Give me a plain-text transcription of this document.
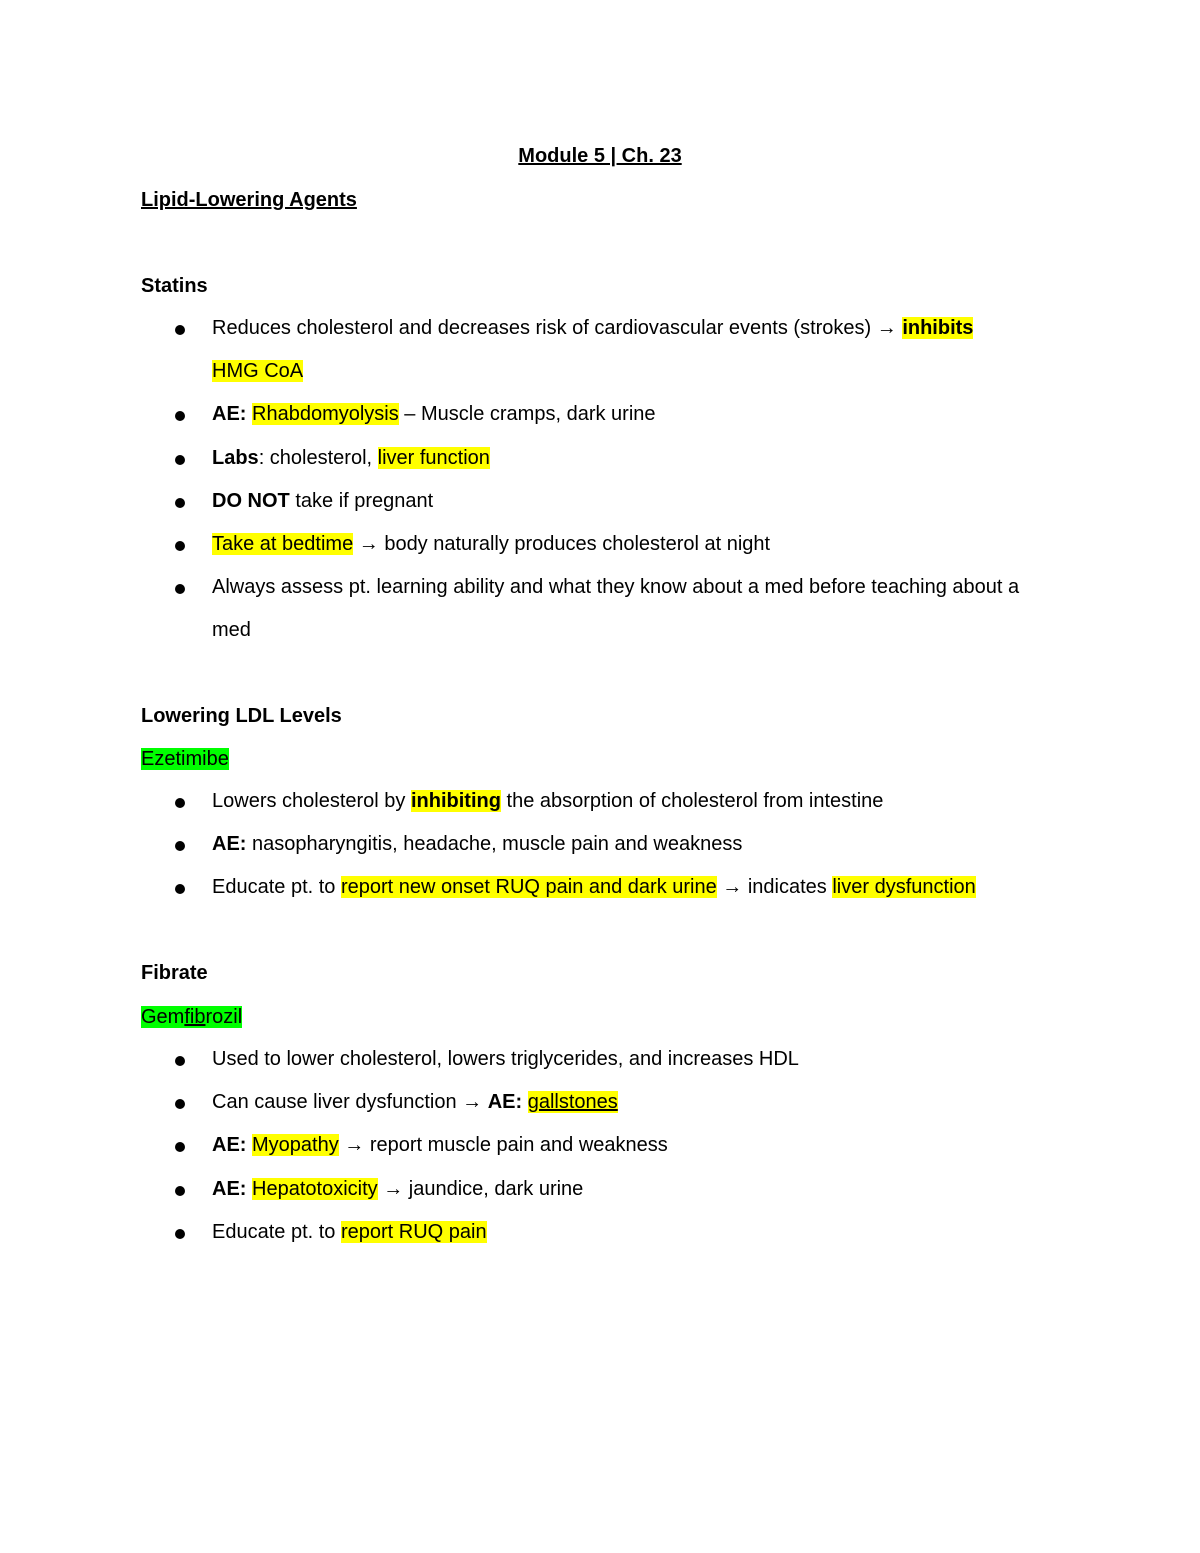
Module 5 | Ch. 23
Lipid-Lowering Agents
Statins
Reduces cholesterol and decreases risk of cardiovascular events (strokes) → inhibits
HMG CoA
AE: Rhabdomyolysis – Muscle cramps, dark urine
Labs: cholesterol, liver function
DO NOT take if pregnant
Take at bedtime → body naturally produces cholesterol at night
Always assess pt. learning ability and what they know about a med before teaching about a med
Lowering LDL Levels
Ezetimibe
Lowers cholesterol by inhibiting the absorption of cholesterol from intestine
AE: nasopharyngitis, headache, muscle pain and weakness
Educate pt. to report new onset RUQ pain and dark urine → indicates liver dysfunction
Fibrate
Gemfibrozil
Used to lower cholesterol, lowers triglycerides, and increases HDL
Can cause liver dysfunction → AE: gallstones
AE: Myopathy → report muscle pain and weakness
AE: Hepatotoxicity → jaundice, dark urine
Educate pt. to report RUQ pain
